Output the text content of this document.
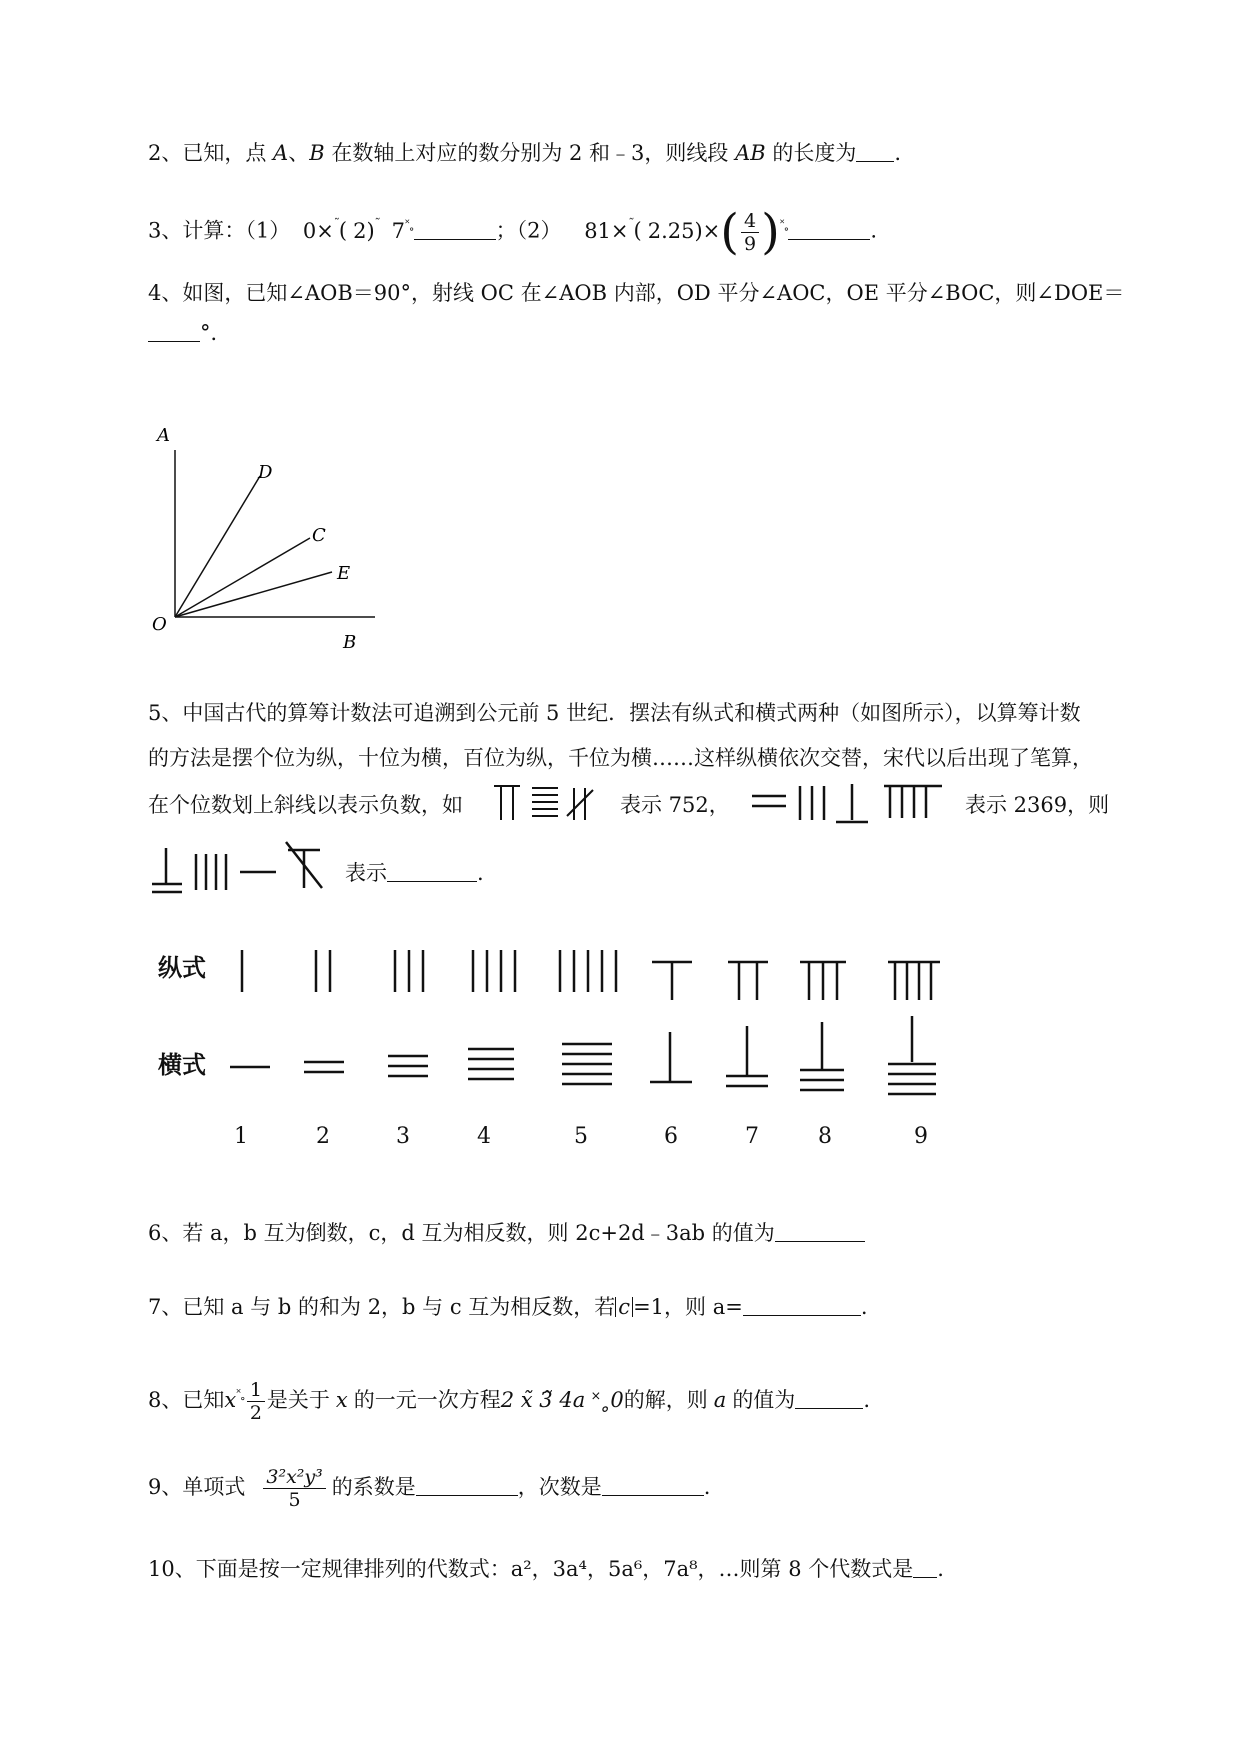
2、已知，点 A、B 在数轴上对应的数分别为 2 和﹣3，则线段 AB 的长度为 .
3、计算：（1） 0×˜( 2)˜ 7˟˳	；（2） 81×˜( $2.25)\times( \frac{4}{9} )^{˟˳}$	.
4、如图，已知∠AOB＝90°，射线 OC 在∠AOB 内部，OD 平分∠AOC，OE 平分∠BOC，则∠DOE＝
°．
A
D
C
E
O
B
5、中国古代的算筹计数法可追溯到公元前 5 世纪．摆法有纵式和横式两种（如图所示），以算筹计数
的方法是摆个位为纵，十位为横，百位为纵，千位为横……这样纵横依次交替，宋代以后出现了笔算，
在个位数划上斜线以表示负数，如	表示 752，	表示 2369，则
表示	.
纵式
横式
1	2	3	4	5	6	7	8	9
6、若 a，b 互为倒数，c，d 互为相反数，则 2c+2d﹣3ab 的值为
7、已知 a 与 b 的和为 2，b 与 c 互为相反数，若 c =1，则 a=	.
8、已知$x^{˟˳} \frac{1}{2}$ 是关于 x 的一元一次方程2 x̃ 3̃ 4a ˟˳0的解，则 a 的值为	.
9、单项式 $\frac{\text{3²x²y³}}{5}$ 的系数是	，次数是	.
10、下面是按一定规律排列的代数式：a²，3a⁴，5a⁶，7a⁸，…则第 8 个代数式是 .
